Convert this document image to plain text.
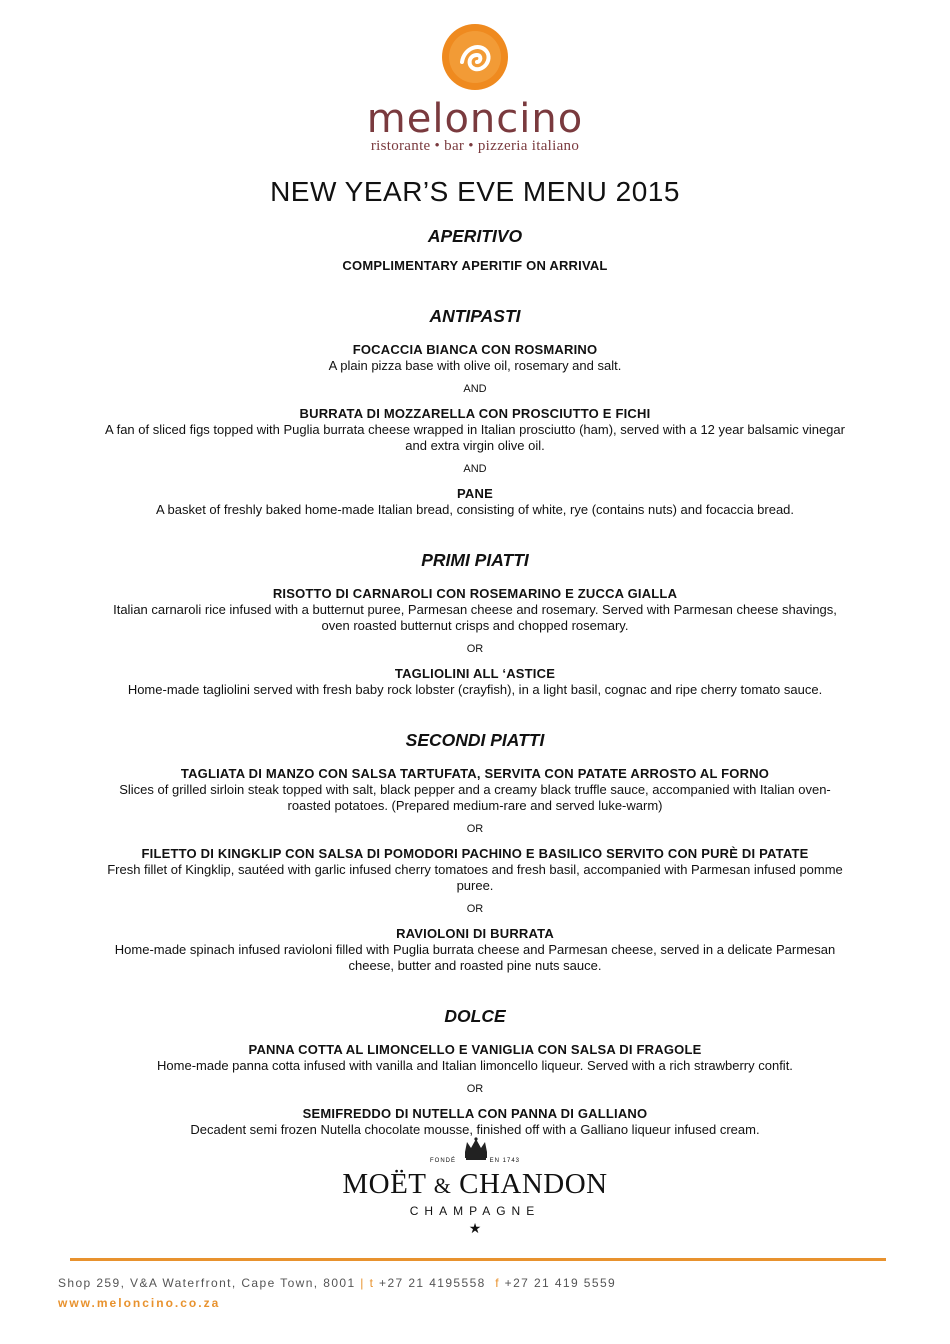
meloncino
ristorante • bar • pizzeria italiano
NEW YEAR’S EVE MENU 2015
APERITIVO
COMPLIMENTARY APERITIF ON ARRIVAL
ANTIPASTI
FOCACCIA BIANCA CON ROSMARINO
A plain pizza base with olive oil, rosemary and salt.
AND
BURRATA DI MOZZARELLA CON PROSCIUTTO E FICHI
A fan of sliced figs topped with Puglia burrata cheese wrapped in Italian prosciutto (ham), served with a 12 year balsamic vinegar and extra virgin olive oil.
AND
PANE
A basket of freshly baked home-made Italian bread, consisting of white, rye (contains nuts) and focaccia bread.
PRIMI PIATTI
RISOTTO DI CARNAROLI CON ROSEMARINO E ZUCCA GIALLA
Italian carnaroli rice infused with a butternut puree, Parmesan cheese and rosemary. Served with Parmesan cheese shavings, oven roasted butternut crisps and chopped rosemary.
OR
TAGLIOLINI ALL ‘ASTICE
Home-made tagliolini served with fresh baby rock lobster (crayfish), in a light basil, cognac and ripe cherry tomato sauce.
SECONDI PIATTI
TAGLIATA DI MANZO CON SALSA TARTUFATA, SERVITA CON PATATE ARROSTO AL FORNO
Slices of grilled sirloin steak topped with salt, black pepper and a creamy black truffle sauce, accompanied with Italian oven-roasted potatoes. (Prepared medium-rare and served luke-warm)
OR
FILETTO DI KINGKLIP CON SALSA DI POMODORI PACHINO E BASILICO SERVITO CON PURÈ DI PATATE
Fresh fillet of Kingklip, sautéed with garlic infused cherry tomatoes and fresh basil, accompanied with Parmesan infused pomme puree.
OR
RAVIOLONI DI BURRATA
Home-made spinach infused ravioloni filled with Puglia burrata cheese and Parmesan cheese, served in a delicate Parmesan cheese, butter and roasted pine nuts sauce.
DOLCE
PANNA COTTA AL LIMONCELLO E VANIGLIA CON SALSA DI FRAGOLE
Home-made panna cotta infused with vanilla and Italian limoncello liqueur. Served with a rich strawberry confit.
OR
SEMIFREDDO DI NUTELLA CON PANNA DI GALLIANO
Decadent semi frozen Nutella chocolate mousse, finished off with a Galliano liqueur infused cream.
FONDÉ	EN 1743
MOËT & CHANDON
CHAMPAGNE
★
Shop 259, V&A Waterfront, Cape Town, 8001 | t +27 21 4195558 f +27 21 419 5559
www.meloncino.co.za
